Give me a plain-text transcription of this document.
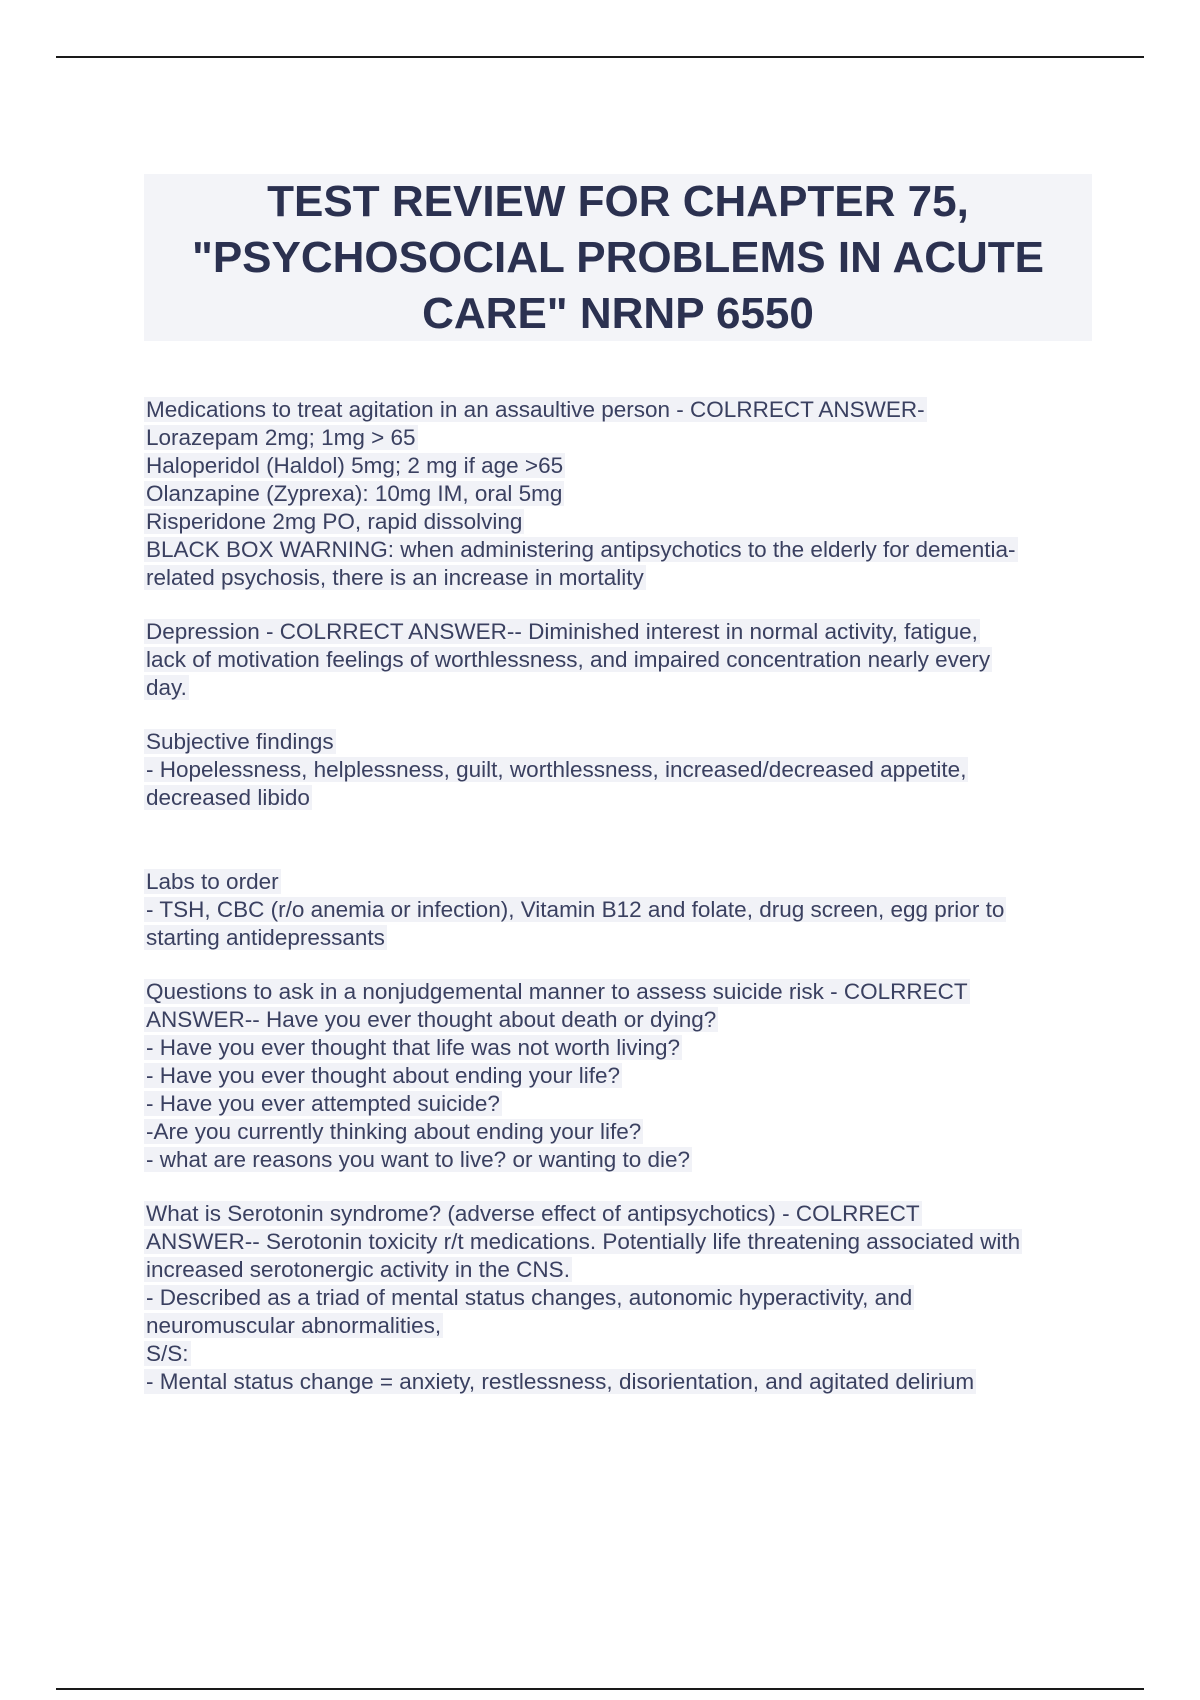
TEST REVIEW FOR CHAPTER 75,
"PSYCHOSOCIAL PROBLEMS IN ACUTE
CARE" NRNP 6550
Medications to treat agitation in an assaultive person - COLRRECT ANSWER-
Lorazepam 2mg; 1mg > 65
Haloperidol (Haldol) 5mg; 2 mg if age >65
Olanzapine (Zyprexa): 10mg IM, oral 5mg
Risperidone 2mg PO, rapid dissolving
BLACK BOX WARNING: when administering antipsychotics to the elderly for dementia-
related psychosis, there is an increase in mortality
Depression - COLRRECT ANSWER-- Diminished interest in normal activity, fatigue,
lack of motivation feelings of worthlessness, and impaired concentration nearly every
day.
Subjective findings
- Hopelessness, helplessness, guilt, worthlessness, increased/decreased appetite,
decreased libido
Labs to order
- TSH, CBC (r/o anemia or infection), Vitamin B12 and folate, drug screen, egg prior to
starting antidepressants
Questions to ask in a nonjudgemental manner to assess suicide risk - COLRRECT
ANSWER-- Have you ever thought about death or dying?
- Have you ever thought that life was not worth living?
- Have you ever thought about ending your life?
- Have you ever attempted suicide?
-Are you currently thinking about ending your life?
- what are reasons you want to live? or wanting to die?
What is Serotonin syndrome? (adverse effect of antipsychotics) - COLRRECT
ANSWER-- Serotonin toxicity r/t medications. Potentially life threatening associated with
increased serotonergic activity in the CNS.
- Described as a triad of mental status changes, autonomic hyperactivity, and
neuromuscular abnormalities,
S/S:
- Mental status change = anxiety, restlessness, disorientation, and agitated delirium
